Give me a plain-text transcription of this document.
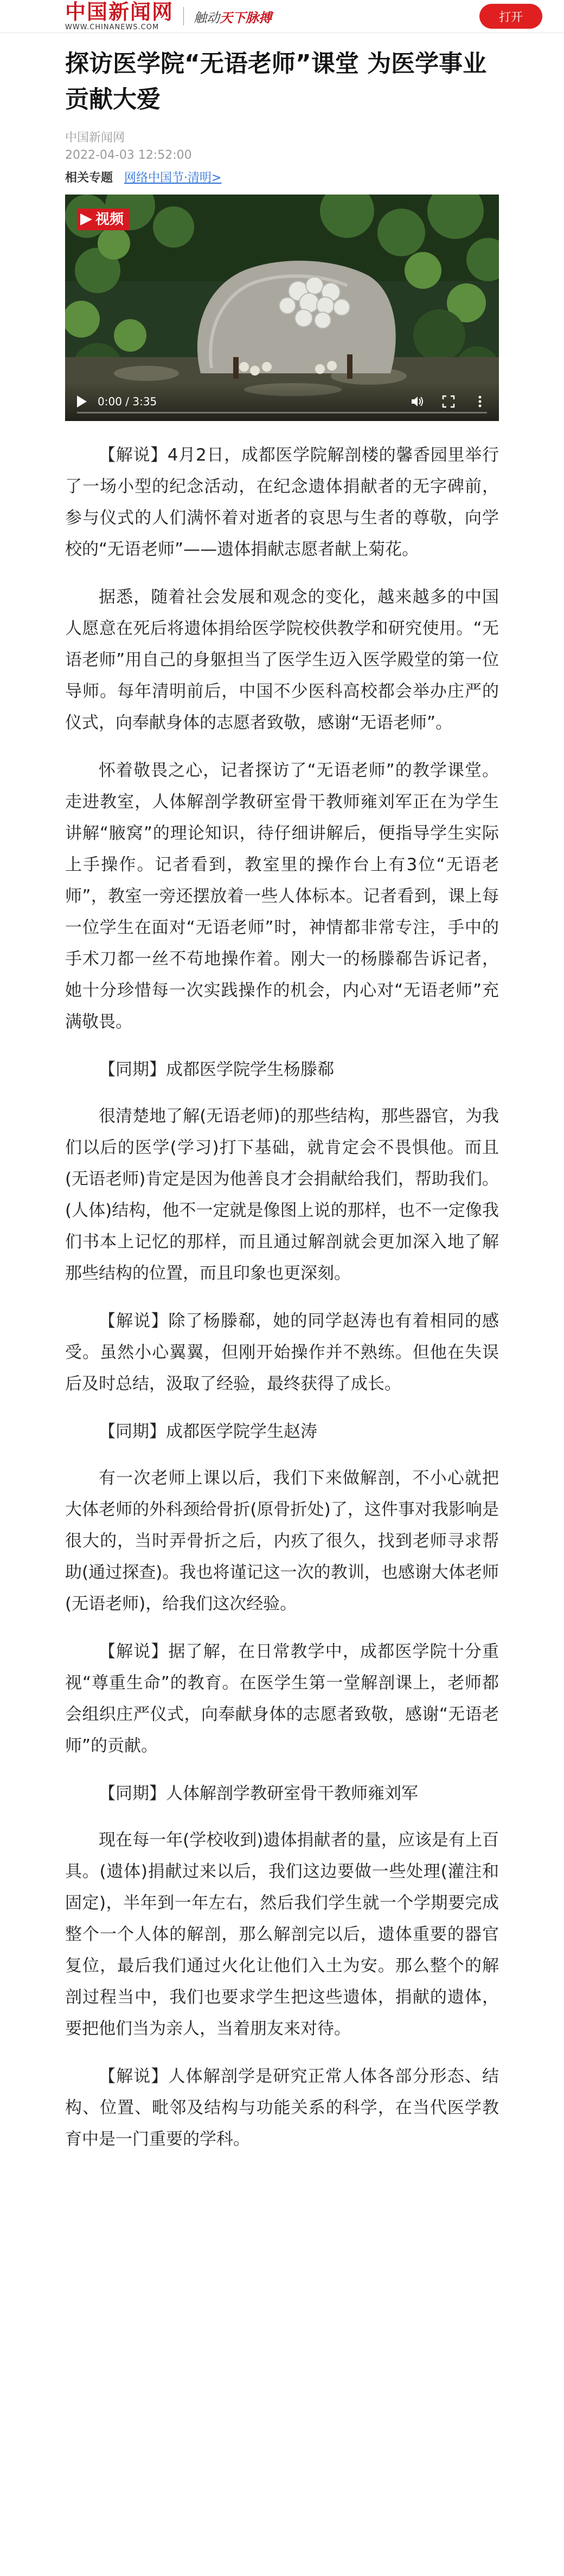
中国新闻网
WWW.CHINANEWS.COM
触动天下脉搏	打开
探访医学院“无语老师”课堂 为医学事业贡献大爱
中国新闻网
2022-04-03 12:52:00
相关专题 网络中国节·清明>
视频
0:00 / 3:35

【解说】4月2日，成都医学院解剖楼的馨香园里举行了一场小型的纪念活动，在纪念遗体捐献者的无字碑前，参与仪式的人们满怀着对逝者的哀思与生者的尊敬，向学校的“无语老师”——遗体捐献志愿者献上菊花。

据悉，随着社会发展和观念的变化，越来越多的中国人愿意在死后将遗体捐给医学院校供教学和研究使用。“无语老师”用自己的身躯担当了医学生迈入医学殿堂的第一位导师。每年清明前后，中国不少医科高校都会举办庄严的仪式，向奉献身体的志愿者致敬，感谢“无语老师”。

怀着敬畏之心，记者探访了“无语老师”的教学课堂。走进教室，人体解剖学教研室骨干教师雍刘军正在为学生讲解“腋窝”的理论知识，待仔细讲解后，便指导学生实际上手操作。记者看到，教室里的操作台上有3位“无语老师”，教室一旁还摆放着一些人体标本。记者看到，课上每一位学生在面对“无语老师”时，神情都非常专注，手中的手术刀都一丝不苟地操作着。刚大一的杨滕郗告诉记者，她十分珍惜每一次实践操作的机会，内心对“无语老师”充满敬畏。

【同期】成都医学院学生杨滕郗

很清楚地了解(无语老师)的那些结构，那些器官，为我们以后的医学(学习)打下基础，就肯定会不畏惧他。而且(无语老师)肯定是因为他善良才会捐献给我们，帮助我们。(人体)结构，他不一定就是像图上说的那样，也不一定像我们书本上记忆的那样，而且通过解剖就会更加深入地了解那些结构的位置，而且印象也更深刻。

【解说】除了杨滕郗，她的同学赵涛也有着相同的感受。虽然小心翼翼，但刚开始操作并不熟练。但他在失误后及时总结，汲取了经验，最终获得了成长。

【同期】成都医学院学生赵涛

有一次老师上课以后，我们下来做解剖，不小心就把大体老师的外科颈给骨折(原骨折处)了，这件事对我影响是很大的，当时弄骨折之后，内疚了很久，找到老师寻求帮助(通过探查)。我也将谨记这一次的教训，也感谢大体老师(无语老师)，给我们这次经验。

【解说】据了解，在日常教学中，成都医学院十分重视“尊重生命”的教育。在医学生第一堂解剖课上，老师都会组织庄严仪式，向奉献身体的志愿者致敬，感谢“无语老师”的贡献。

【同期】人体解剖学教研室骨干教师雍刘军

现在每一年(学校收到)遗体捐献者的量，应该是有上百具。(遗体)捐献过来以后，我们这边要做一些处理(灌注和固定)，半年到一年左右，然后我们学生就一个学期要完成整个一个人体的解剖，那么解剖完以后，遗体重要的器官复位，最后我们通过火化让他们入土为安。那么整个的解剖过程当中，我们也要求学生把这些遗体，捐献的遗体，要把他们当为亲人，当着朋友来对待。

【解说】人体解剖学是研究正常人体各部分形态、结构、位置、毗邻及结构与功能关系的科学，在当代医学教育中是一门重要的学科。
